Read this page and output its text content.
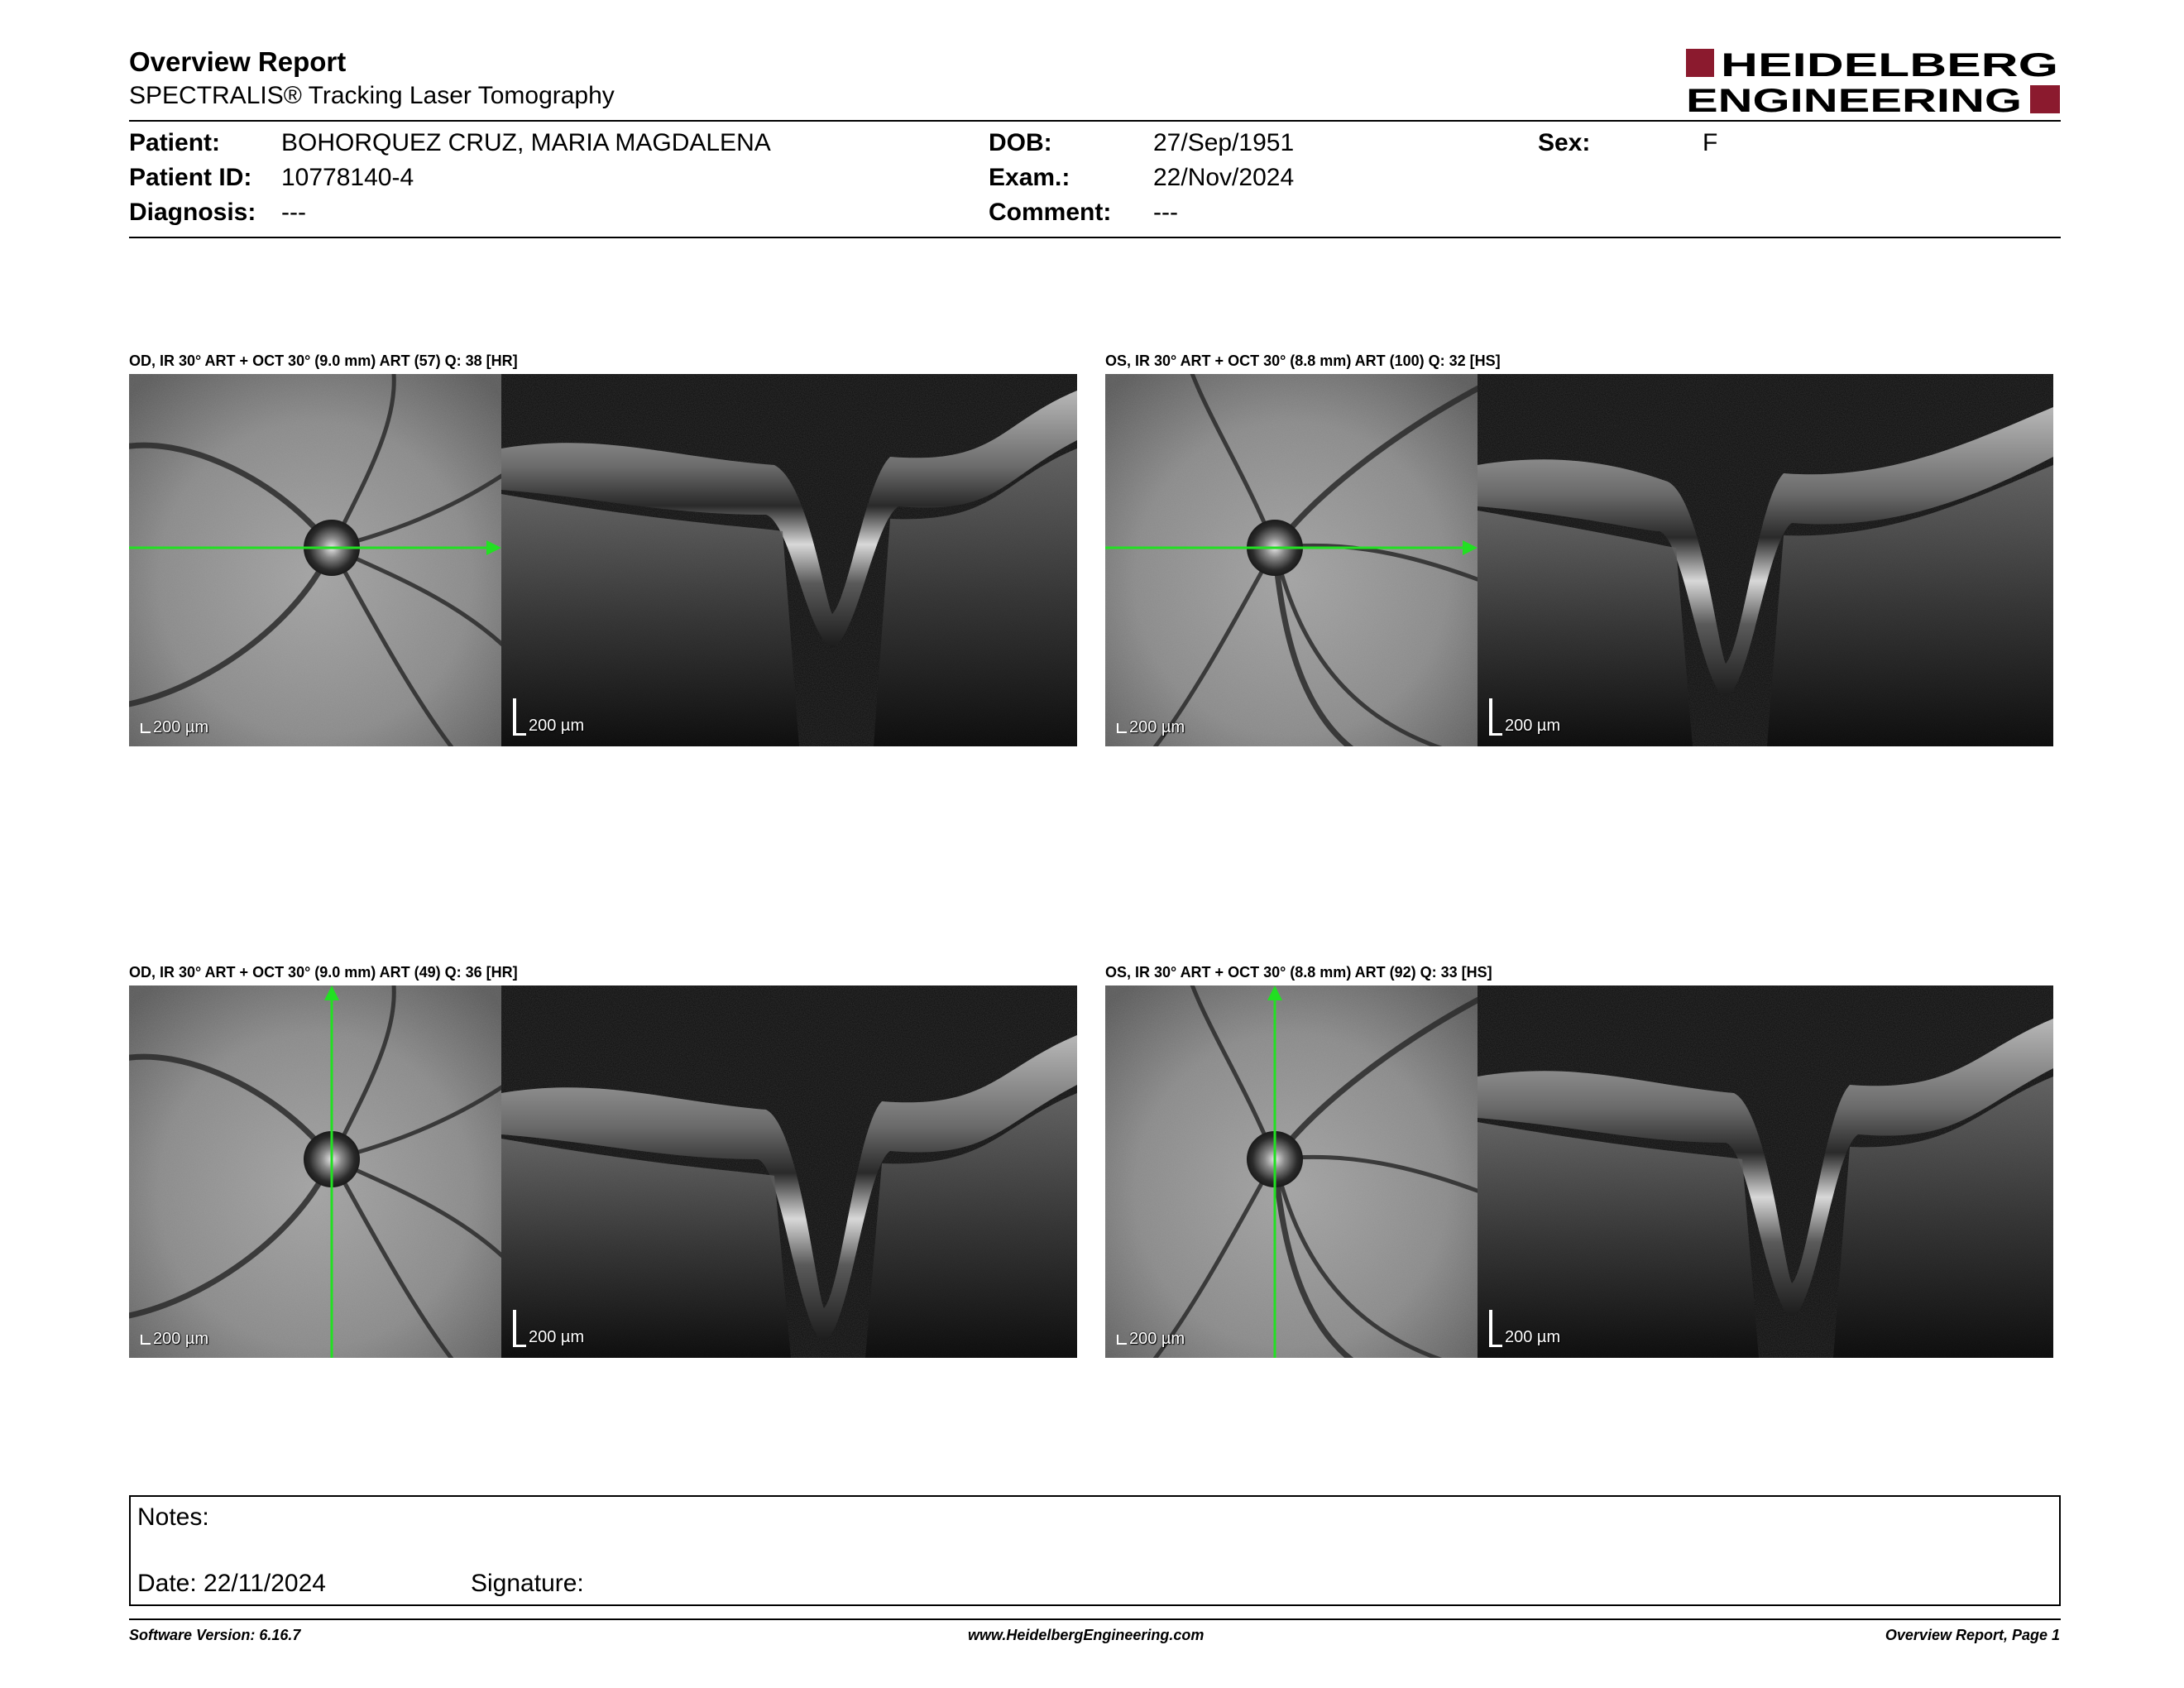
Overview Report
SPECTRALIS® Tracking Laser Tomography
HEIDELBERG
ENGINEERING
Patient: BOHORQUEZ CRUZ, MARIA MAGDALENA
Patient ID: 10778140-4
Diagnosis: ---
DOB:	27/Sep/1951
Exam.:	22/Nov/2024
Comment: ---
Sex:	F
OD, IR 30° ART + OCT 30° (9.0 mm) ART (57) Q: 38 [HR]
200 µm	200 µm
OS, IR 30° ART + OCT 30° (8.8 mm) ART (100) Q: 32 [HS]
200 µm	200 µm
OD, IR 30° ART + OCT 30° (9.0 mm) ART (49) Q: 36 [HR]
200 µm	200 µm
OS, IR 30° ART + OCT 30° (8.8 mm) ART (92) Q: 33 [HS]
200 µm	200 µm
Notes:
Date: 22/11/2024	Signature:
Software Version: 6.16.7	www.HeidelbergEngineering.com	Overview Report, Page 1
